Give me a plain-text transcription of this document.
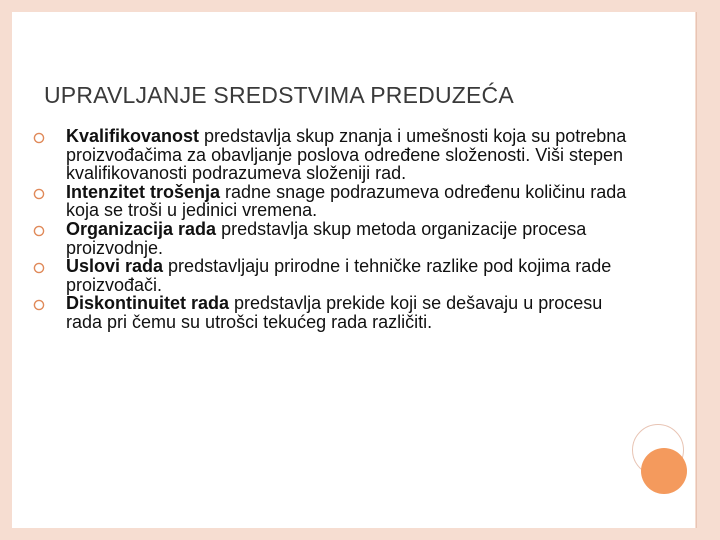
UPRAVLJANJE SREDSTVIMA PREDUZEĆA
Kvalifikovanost predstavlja skup znanja i umešnosti koja su potrebna proizvođačima za obavljanje poslova određene složenosti. Viši stepen kvalifikovanosti podrazumeva složeniji rad.
Intenzitet trošenja radne snage podrazumeva određenu količinu rada koja se troši u jedinici vremena.
Organizacija rada predstavlja skup metoda organizacije procesa proizvodnje.
Uslovi rada predstavljaju prirodne i tehničke razlike pod kojima rade proizvođači.
Diskontinuitet rada predstavlja prekide koji se dešavaju u procesu rada pri čemu su utrošci tekućeg rada različiti.
